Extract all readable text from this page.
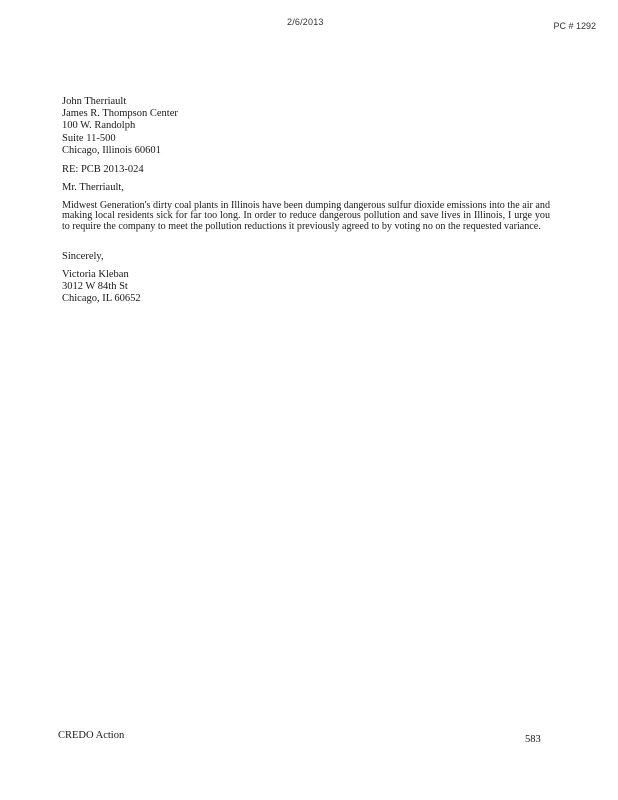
2/6/2013	PC # 1292
John Therriault
James R. Thompson Center
100 W. Randolph
Suite 11-500
Chicago, Illinois 60601
RE: PCB 2013-024
Mr. Therriault,
Midwest Generation's dirty coal plants in Illinois have been dumping dangerous sulfur dioxide emissions into the air and making local residents sick for far too long. In order to reduce dangerous pollution and save lives in Illinois, I urge you to require the company to meet the pollution reductions it previously agreed to by voting no on the requested variance.
Sincerely,
Victoria Kleban
3012 W 84th St
Chicago, IL 60652
CREDO Action	583
